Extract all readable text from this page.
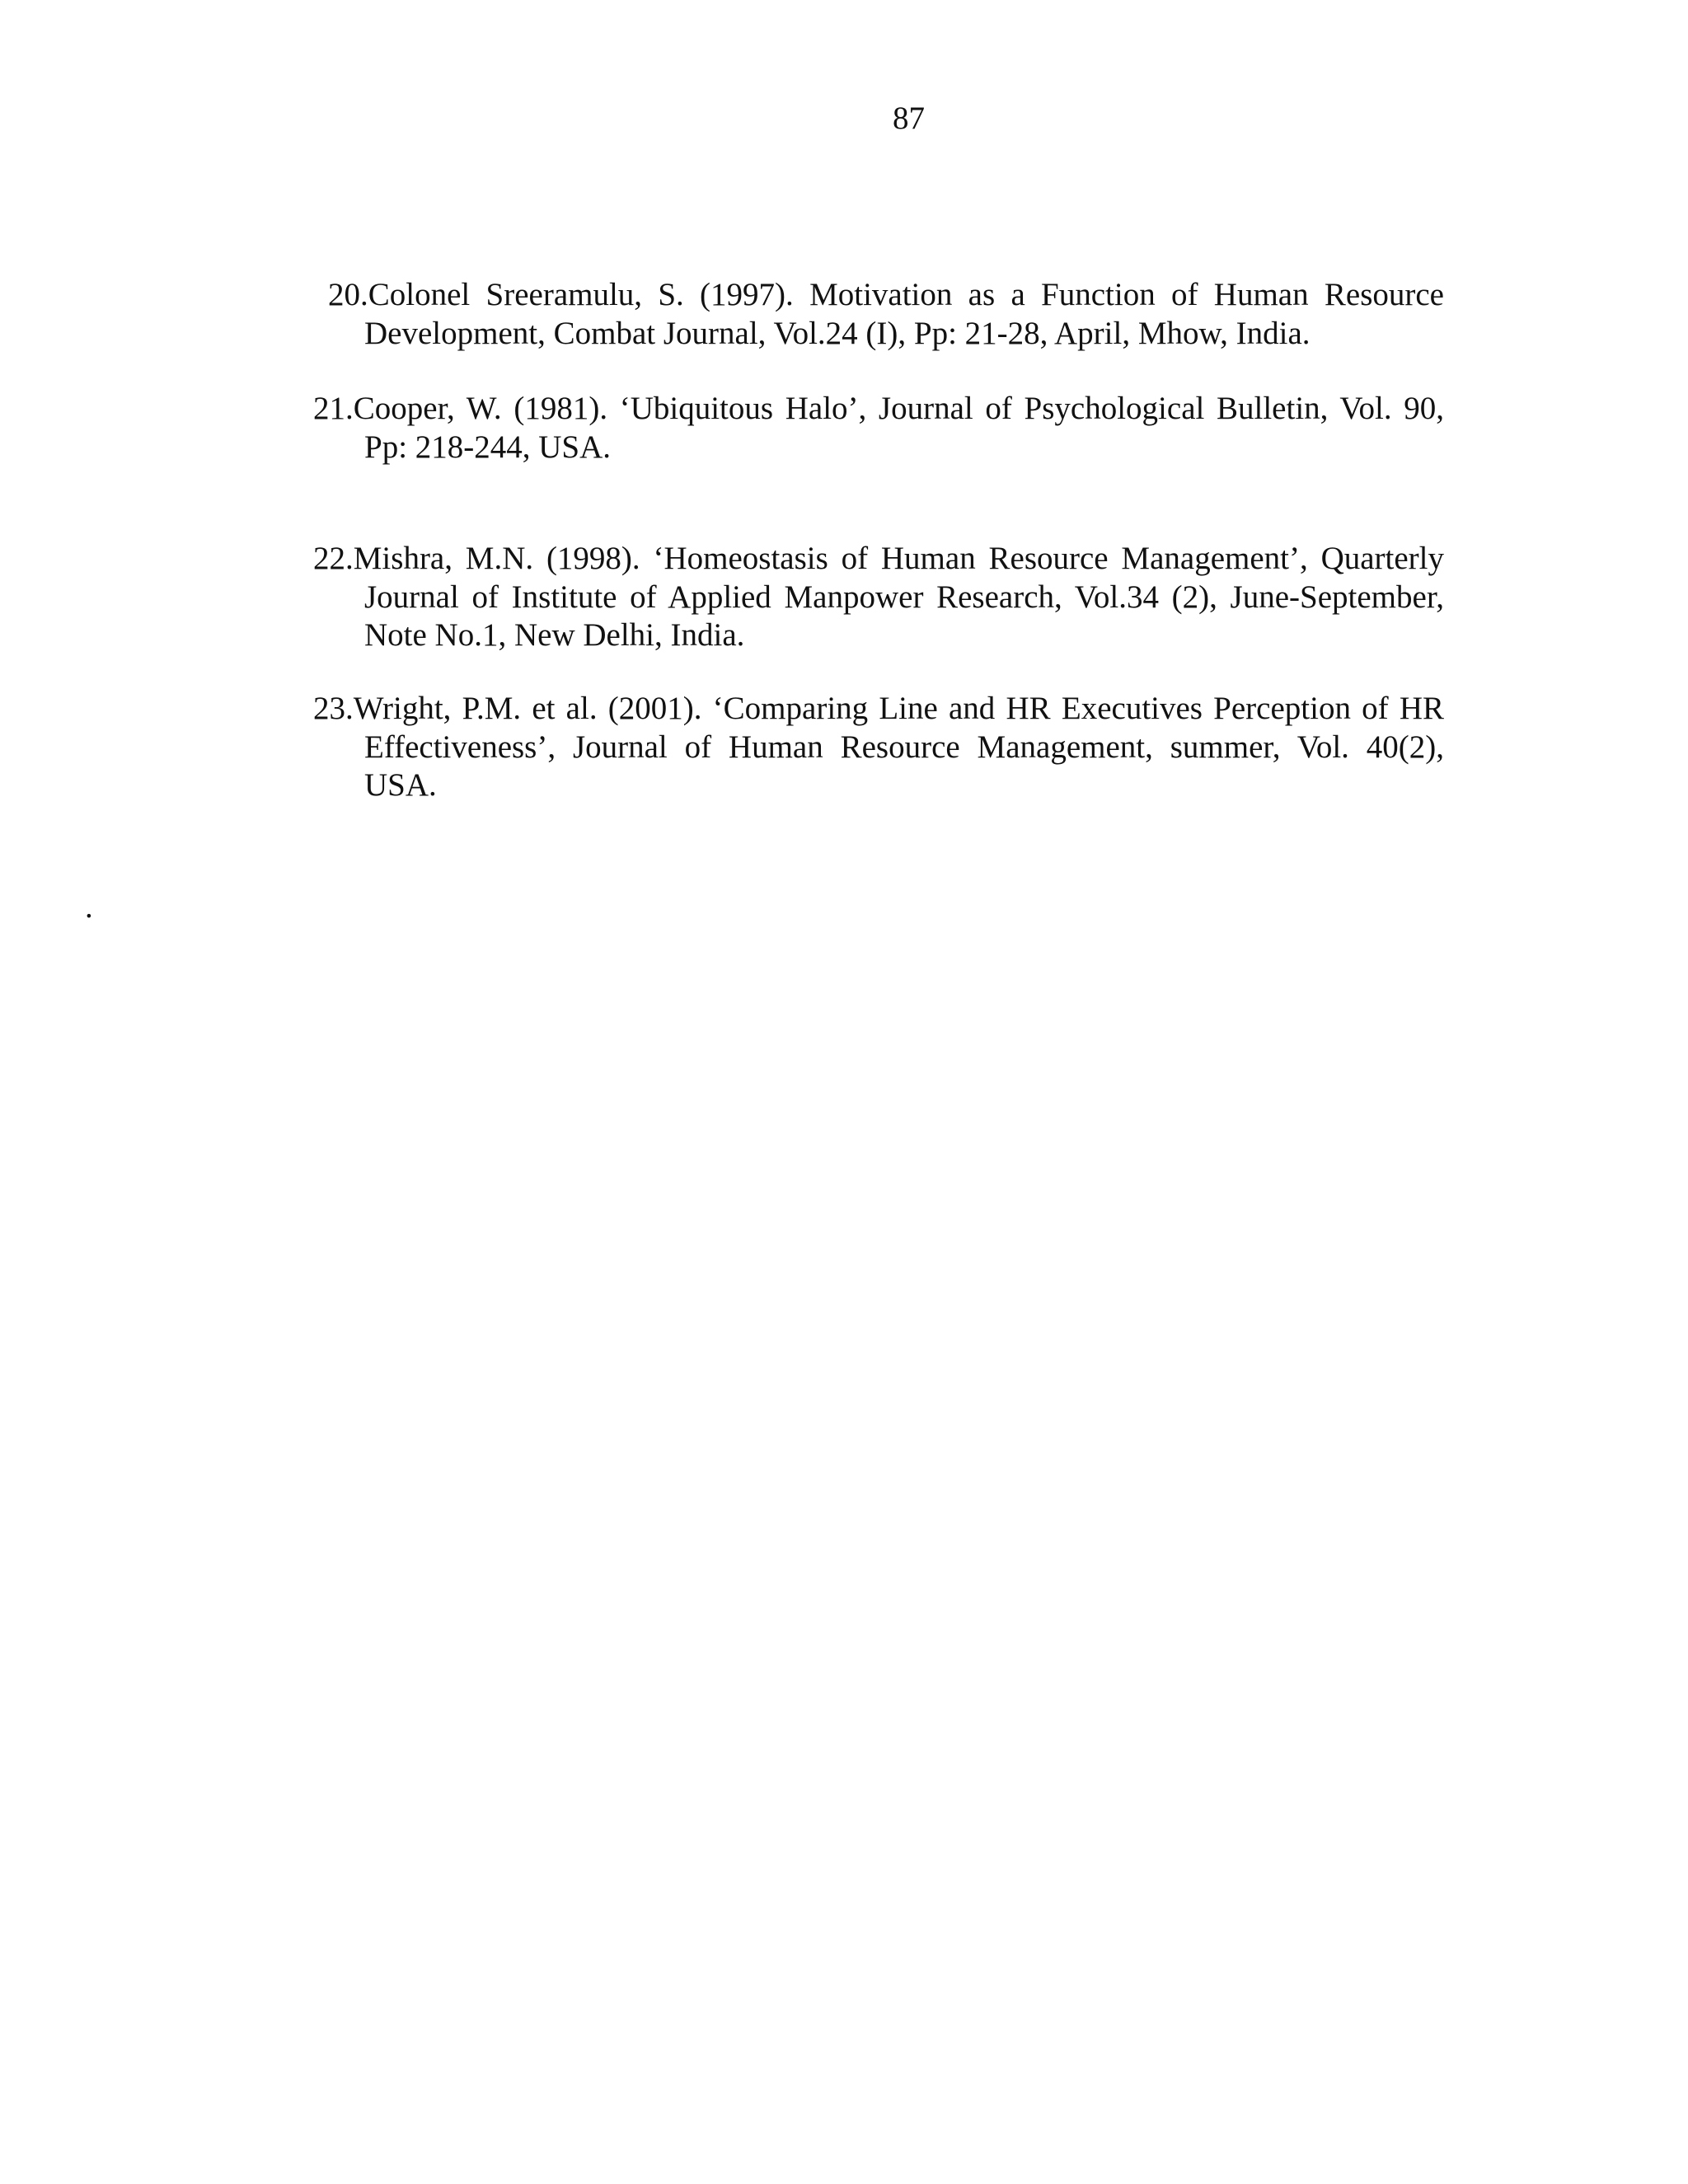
87
20.Colonel Sreeramulu, S. (1997). Motivation as a Function of Human Resource
Development, Combat Journal, Vol.24 (I), Pp: 21-28, April, Mhow, India.
21.Cooper, W. (1981). ‘Ubiquitous Halo’, Journal of Psychological Bulletin, Vol. 90,
Pp: 218-244, USA.
22.Mishra, M.N. (1998). ‘Homeostasis of Human Resource Management’, Quarterly
Journal of Institute of Applied Manpower Research, Vol.34 (2), June-September,
Note No.1, New Delhi, India.
23.Wright, P.M. et al. (2001). ‘Comparing Line and HR Executives Perception of HR
Effectiveness’, Journal of Human Resource Management, summer, Vol. 40(2),
USA.
.
